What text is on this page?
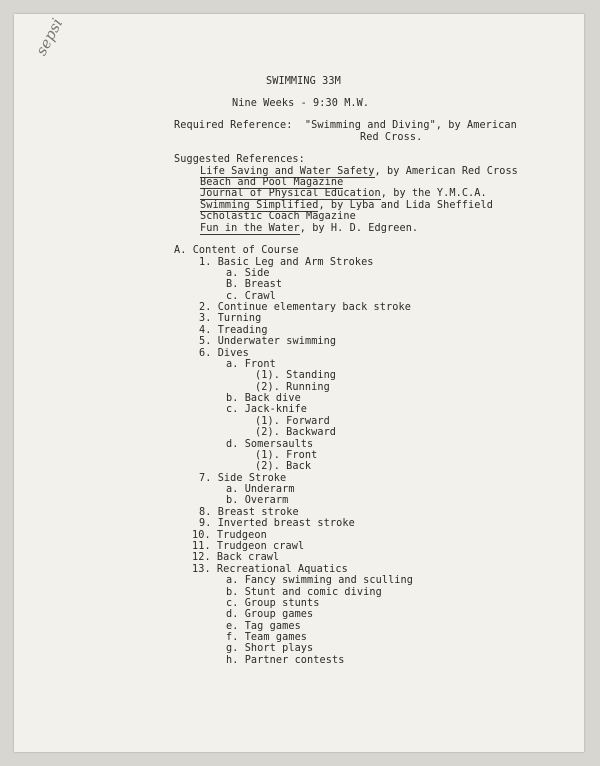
sepsi
SWIMMING 33M
Nine Weeks - 9:30 M.W.
Required Reference: "Swimming and Diving", by American
Red Cross.
Suggested References:
A. Content of Course
Life Saving and Water Safety, by American Red Cross
Beach and Pool Magazine
Journal of Physical Education, by the Y.M.C.A.
Swimming Simplified, by Lyba and Lida Sheffield
Scholastic Coach Magazine
Fun in the Water, by H. D. Edgreen.
1. Basic Leg and Arm Strokes
a. Side
B. Breast
c. Crawl
2. Continue elementary back stroke
3. Turning
4. Treading
5. Underwater swimming
6. Dives
a. Front
(1). Standing
(2). Running
b. Back dive
c. Jack-knife
(1). Forward
(2). Backward
d. Somersaults
(1). Front
(2). Back
7. Side Stroke
a. Underarm
b. Overarm
8. Breast stroke
9. Inverted breast stroke
10. Trudgeon
11. Trudgeon crawl
12. Back crawl
13. Recreational Aquatics
a. Fancy swimming and sculling
b. Stunt and comic diving
c. Group stunts
d. Group games
e. Tag games
f. Team games
g. Short plays
h. Partner contests
